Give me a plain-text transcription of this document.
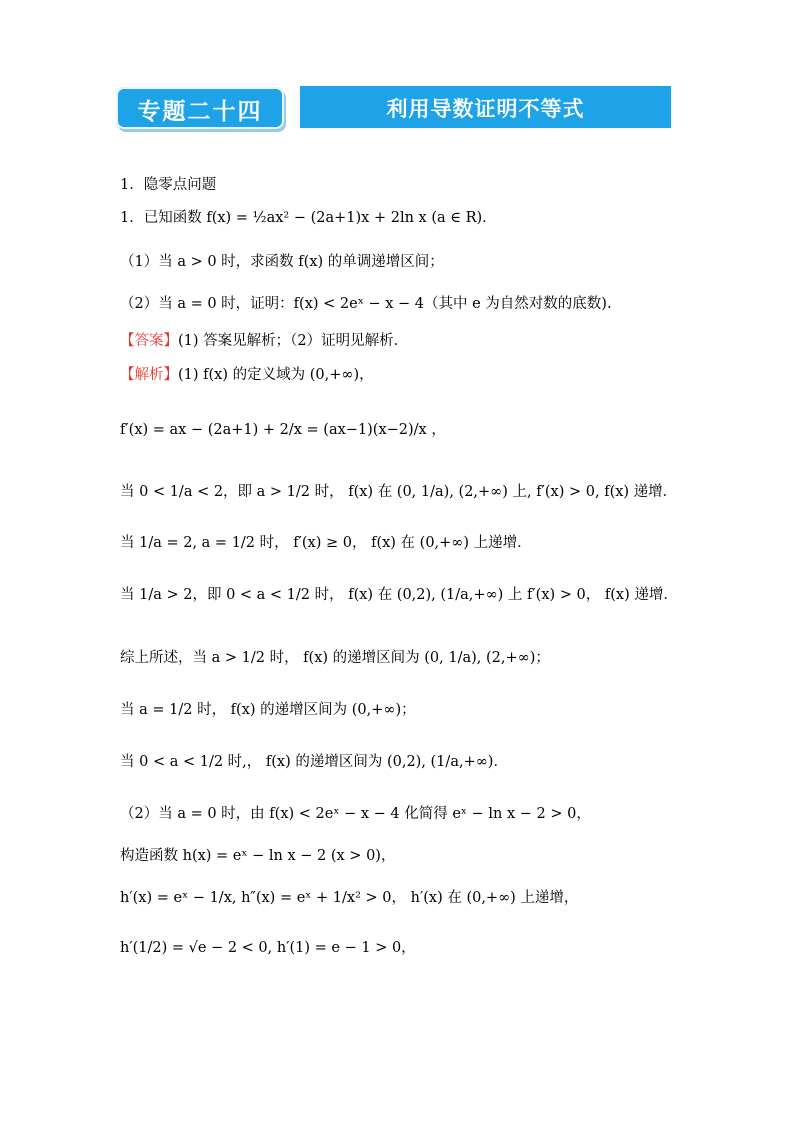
专题二十四	利用导数证明不等式
1．隐零点问题
1．已知函数 f(x) = ½ax² − (2a+1)x + 2ln x (a ∈ R)．
（1）当 a > 0 时，求函数 f(x) 的单调递增区间；
（2）当 a = 0 时，证明：f(x) < 2eˣ − x − 4（其中 e 为自然对数的底数).
【答案】(1) 答案见解析；（2）证明见解析．
【解析】(1) f(x) 的定义域为 (0,+∞)，
f′(x) = ax − (2a+1) + 2/x = (ax−1)(x−2)/x ，
当 0 < 1/a < 2，即 a > 1/2 时， f(x) 在 (0, 1/a), (2,+∞) 上, f′(x) > 0, f(x) 递增．
当 1/a = 2, a = 1/2 时， f′(x) ≥ 0， f(x) 在 (0,+∞) 上递增．
当 1/a > 2，即 0 < a < 1/2 时， f(x) 在 (0,2), (1/a,+∞) 上 f′(x) > 0， f(x) 递增．
综上所述，当 a > 1/2 时， f(x) 的递增区间为 (0, 1/a), (2,+∞)；
当 a = 1/2 时， f(x) 的递增区间为 (0,+∞)；
当 0 < a < 1/2 时,， f(x) 的递增区间为 (0,2), (1/a,+∞)．
（2）当 a = 0 时，由 f(x) < 2eˣ − x − 4 化简得 eˣ − ln x − 2 > 0，
构造函数 h(x) = eˣ − ln x − 2 (x > 0)，
h′(x) = eˣ − 1/x, h″(x) = eˣ + 1/x² > 0， h′(x) 在 (0,+∞) 上递增，
h′(1/2) = √e − 2 < 0, h′(1) = e − 1 > 0，
